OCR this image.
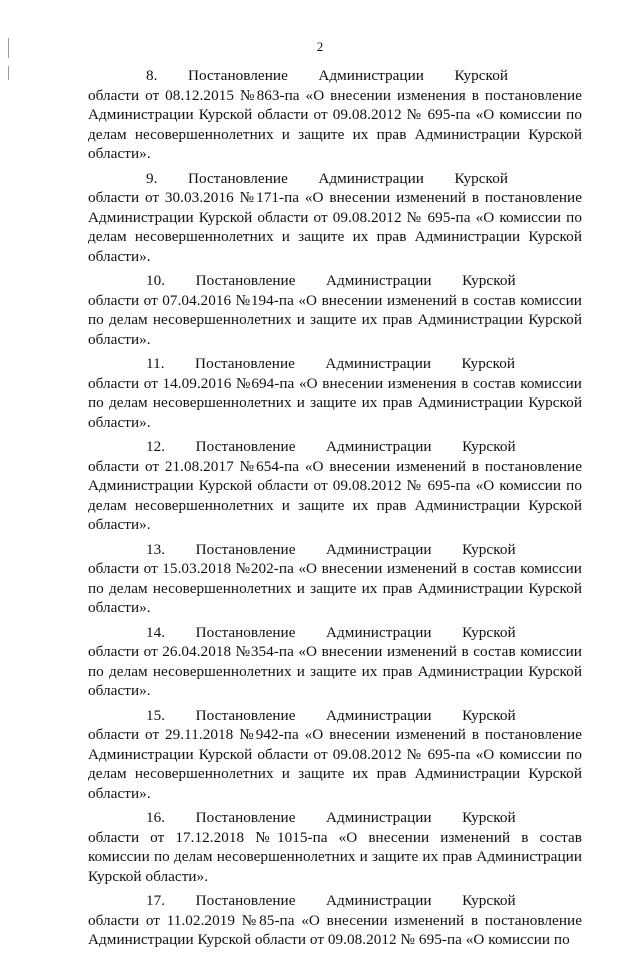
2

8.  Постановление  Администрации  Курской  области от 08.12.2015 №863-па «О внесении изменения в постановление Администрации Курской области от 09.08.2012 № 695-па «О комиссии по делам несовершеннолетних и защите их прав Администрации Курской области».

9.  Постановление  Администрации  Курской  области от 30.03.2016 №171-па «О внесении изменений в постановление Администрации Курской области от 09.08.2012 № 695-па «О комиссии по делам несовершеннолетних и защите их прав Администрации Курской области».

10.  Постановление  Администрации  Курской  области от 07.04.2016 №194-па «О внесении изменений в состав комиссии по делам несовершеннолетних и защите их прав Администрации Курской области».

11.  Постановление  Администрации  Курской  области от 14.09.2016 №694-па «О внесении изменения в состав комиссии по делам несовершеннолетних и защите их прав Администрации Курской области».

12.  Постановление  Администрации  Курской  области от 21.08.2017 №654-па «О внесении изменений в постановление Администрации Курской области от 09.08.2012 № 695-па «О комиссии по делам несовершеннолетних и защите их прав Администрации Курской области».

13.  Постановление  Администрации  Курской  области от 15.03.2018 №202-па «О внесении изменений в состав комиссии по делам несовершеннолетних и защите их прав Администрации Курской области».

14.  Постановление  Администрации  Курской  области от 26.04.2018 №354-па «О внесении изменений в состав комиссии по делам несовершеннолетних и защите их прав Администрации Курской области».

15.  Постановление  Администрации  Курской  области от 29.11.2018 №942-па «О внесении изменений в постановление Администрации Курской области от 09.08.2012 № 695-па «О комиссии по делам несовершеннолетних и защите их прав Администрации Курской области».

16.  Постановление  Администрации  Курской  области от 17.12.2018 №1015-па «О внесении изменений в состав комиссии по делам несовершеннолетних и защите их прав Администрации Курской области».

17.  Постановление  Администрации  Курской  области от 11.02.2019 №85-па «О внесении изменений в постановление Администрации Курской области от 09.08.2012 № 695-па «О комиссии по
